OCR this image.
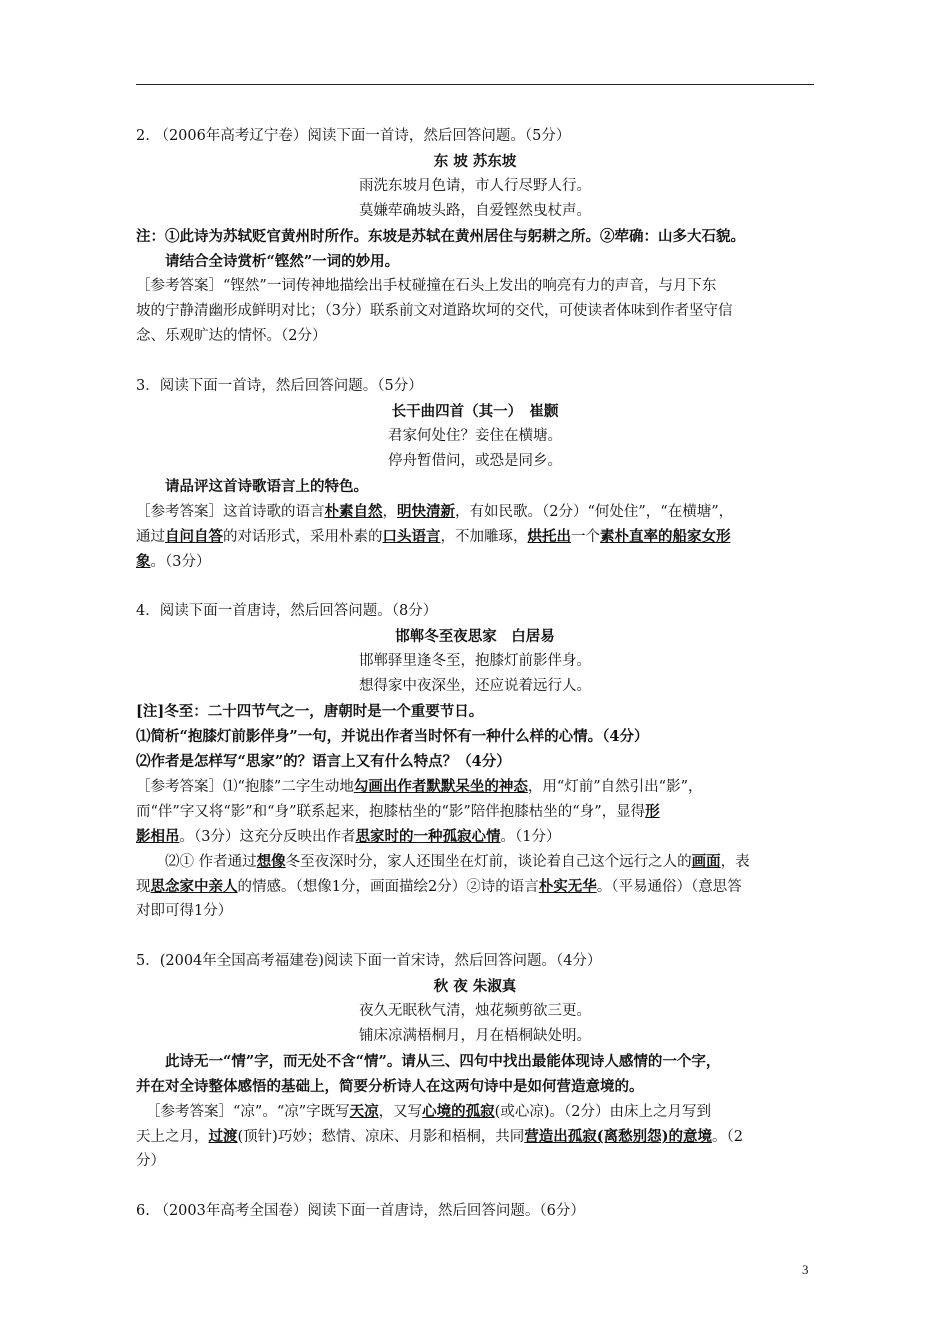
2. （2006年高考辽宁卷）阅读下面一首诗，然后回答问题。（5分）
东 坡 苏东坡
雨洗东坡月色请，市人行尽野人行。
莫嫌荦确坡头路，自爱铿然曳杖声。
注：①此诗为苏轼贬官黄州时所作。东坡是苏轼在黄州居住与躬耕之所。②荦确：山多大石貌。
请结合全诗赏析“铿然”一词的妙用。
［参考答案］“铿然”一词传神地描绘出手杖碰撞在石头上发出的响亮有力的声音，与月下东
坡的宁静清幽形成鲜明对比；（3分）联系前文对道路坎坷的交代，可使读者体味到作者坚守信
念、乐观旷达的情怀。（2分）
3．阅读下面一首诗，然后回答问题。（5分）
长干曲四首（其一）　崔颢
君家何处住？妾住在横塘。
停舟暂借问，或恐是同乡。
请品评这首诗歌语言上的特色。
［参考答案］这首诗歌的语言朴素自然，明快清新，有如民歌。（2分）“何处住”，“在横塘”，
通过自问自答的对话形式，采用朴素的口头语言，不加雕琢，烘托出一个素朴直率的船家女形
象。（3分）
4．阅读下面一首唐诗，然后回答问题。（8分）
邯郸冬至夜思家　白居易
邯郸驿里逢冬至，抱膝灯前影伴身。
想得家中夜深坐，还应说着远行人。
[注]冬至：二十四节气之一，唐朝时是一个重要节日。
⑴简析“抱膝灯前影伴身”一句，并说出作者当时怀有一种什么样的心情。（4分）
⑵作者是怎样写“思家”的？语言上又有什么特点？（4分）
［参考答案］⑴“抱膝”二字生动地勾画出作者默默呆坐的神态，用“灯前”自然引出“影”，
而“伴”字又将“影”和“身”联系起来，抱膝枯坐的“影”陪伴抱膝枯坐的“身”，显得形
影相吊。（3分）这充分反映出作者思家时的一种孤寂心情。（1分）
⑵① 作者通过想像冬至夜深时分，家人还围坐在灯前，谈论着自己这个远行之人的画面，表
现思念家中亲人的情感。（想像1分，画面描绘2分）②诗的语言朴实无华。（平易通俗）（意思答
对即可得1分）
5．(2004年全国高考福建卷)阅读下面一首宋诗，然后回答问题。（4分）
秋 夜 朱淑真
夜久无眠秋气清，烛花频剪欲三更。
铺床凉满梧桐月，月在梧桐缺处明。
此诗无一“情”字，而无处不含“情”。请从三、四句中找出最能体现诗人感情的一个字，
并在对全诗整体感悟的基础上，简要分析诗人在这两句诗中是如何营造意境的。
［参考答案］“凉”。“凉”字既写天凉，又写心境的孤寂(或心凉)。（2分）由床上之月写到
天上之月，过渡(顶针)巧妙；愁情、凉床、月影和梧桐，共同营造出孤寂(离愁别怨)的意境。（2
分）
6. （2003年高考全国卷）阅读下面一首唐诗，然后回答问题。（6分）
3
